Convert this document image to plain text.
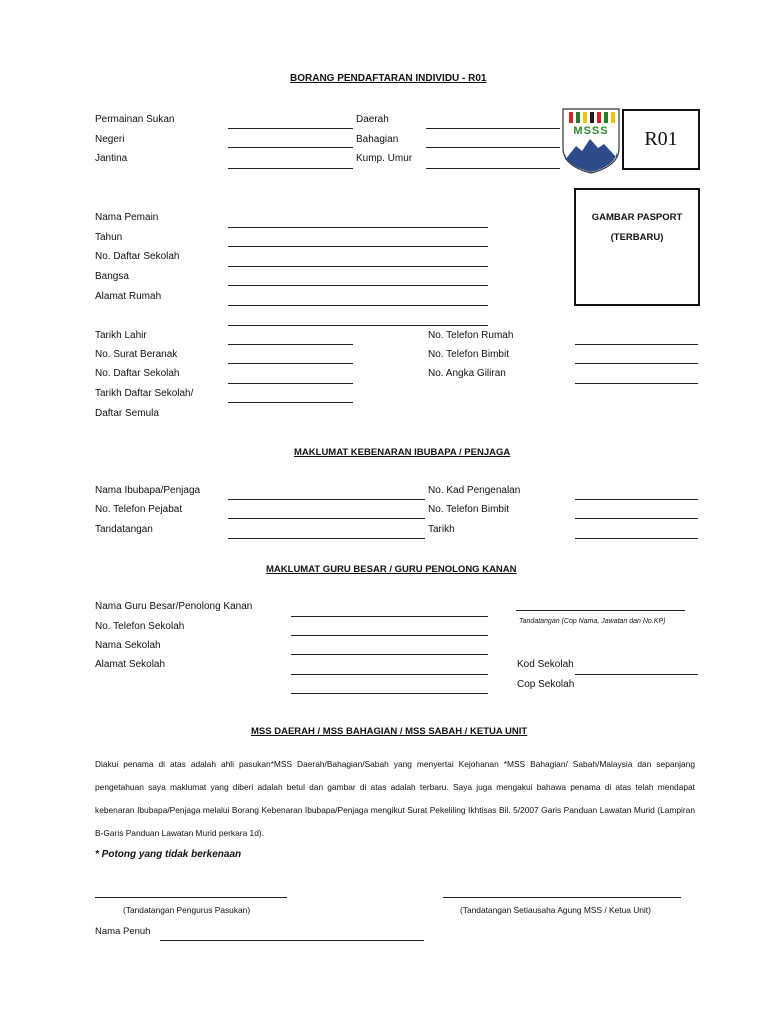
BORANG PENDAFTARAN INDIVIDU - R01
MSSS	R01
Permainan Sukan
Negeri
Jantina
Daerah
Bahagian
Kump. Umur
GAMBAR PASPORT
(TERBARU)
Nama Pemain
Tahun
No. Daftar Sekolah
Bangsa
Alamat Rumah
Tarikh Lahir
No. Surat Beranak
No. Daftar Sekolah
Tarikh Daftar Sekolah/
Daftar Semula
No. Telefon Rumah
No. Telefon Bimbit
No. Angka Giliran
MAKLUMAT KEBENARAN IBUBAPA / PENJAGA
Nama Ibubapa/Penjaga
No. Telefon Pejabat
Tandatangan
No. Kad Pengenalan
No. Telefon Bimbit
Tarikh
MAKLUMAT GURU BESAR / GURU PENOLONG KANAN
Nama Guru Besar/Penolong Kanan
No. Telefon Sekolah
Nama Sekolah
Alamat Sekolah
Tandatangan (Cop Nama, Jawatan dan No.KP)
Kod Sekolah
Cop Sekolah
MSS DAERAH / MSS BAHAGIAN / MSS SABAH / KETUA UNIT
Diakui penama di atas adalah ahli pasukan*MSS Daerah/Bahagian/Sabah yang menyertai Kejohanan *MSS Bahagian/ Sabah/Malaysia dan sepanjang pengetahuan saya maklumat yang diberi adalah betul dan gambar di atas adalah terbaru. Saya juga mengakui bahawa penama di atas telah mendapat kebenaran Ibubapa/Penjaga melalui Borang Kebenaran Ibubapa/Penjaga mengikut Surat Pekeliling Ikhtisas Bil. 5/2007 Garis Panduan Lawatan Murid (Lampiran B-Garis Panduan Lawatan Murid perkara 1d).
* Potong yang tidak berkenaan
(Tandatangan Pengurus Pasukan)	(Tandatangan Setiausaha Agung MSS / Ketua Unit)
Nama Penuh
